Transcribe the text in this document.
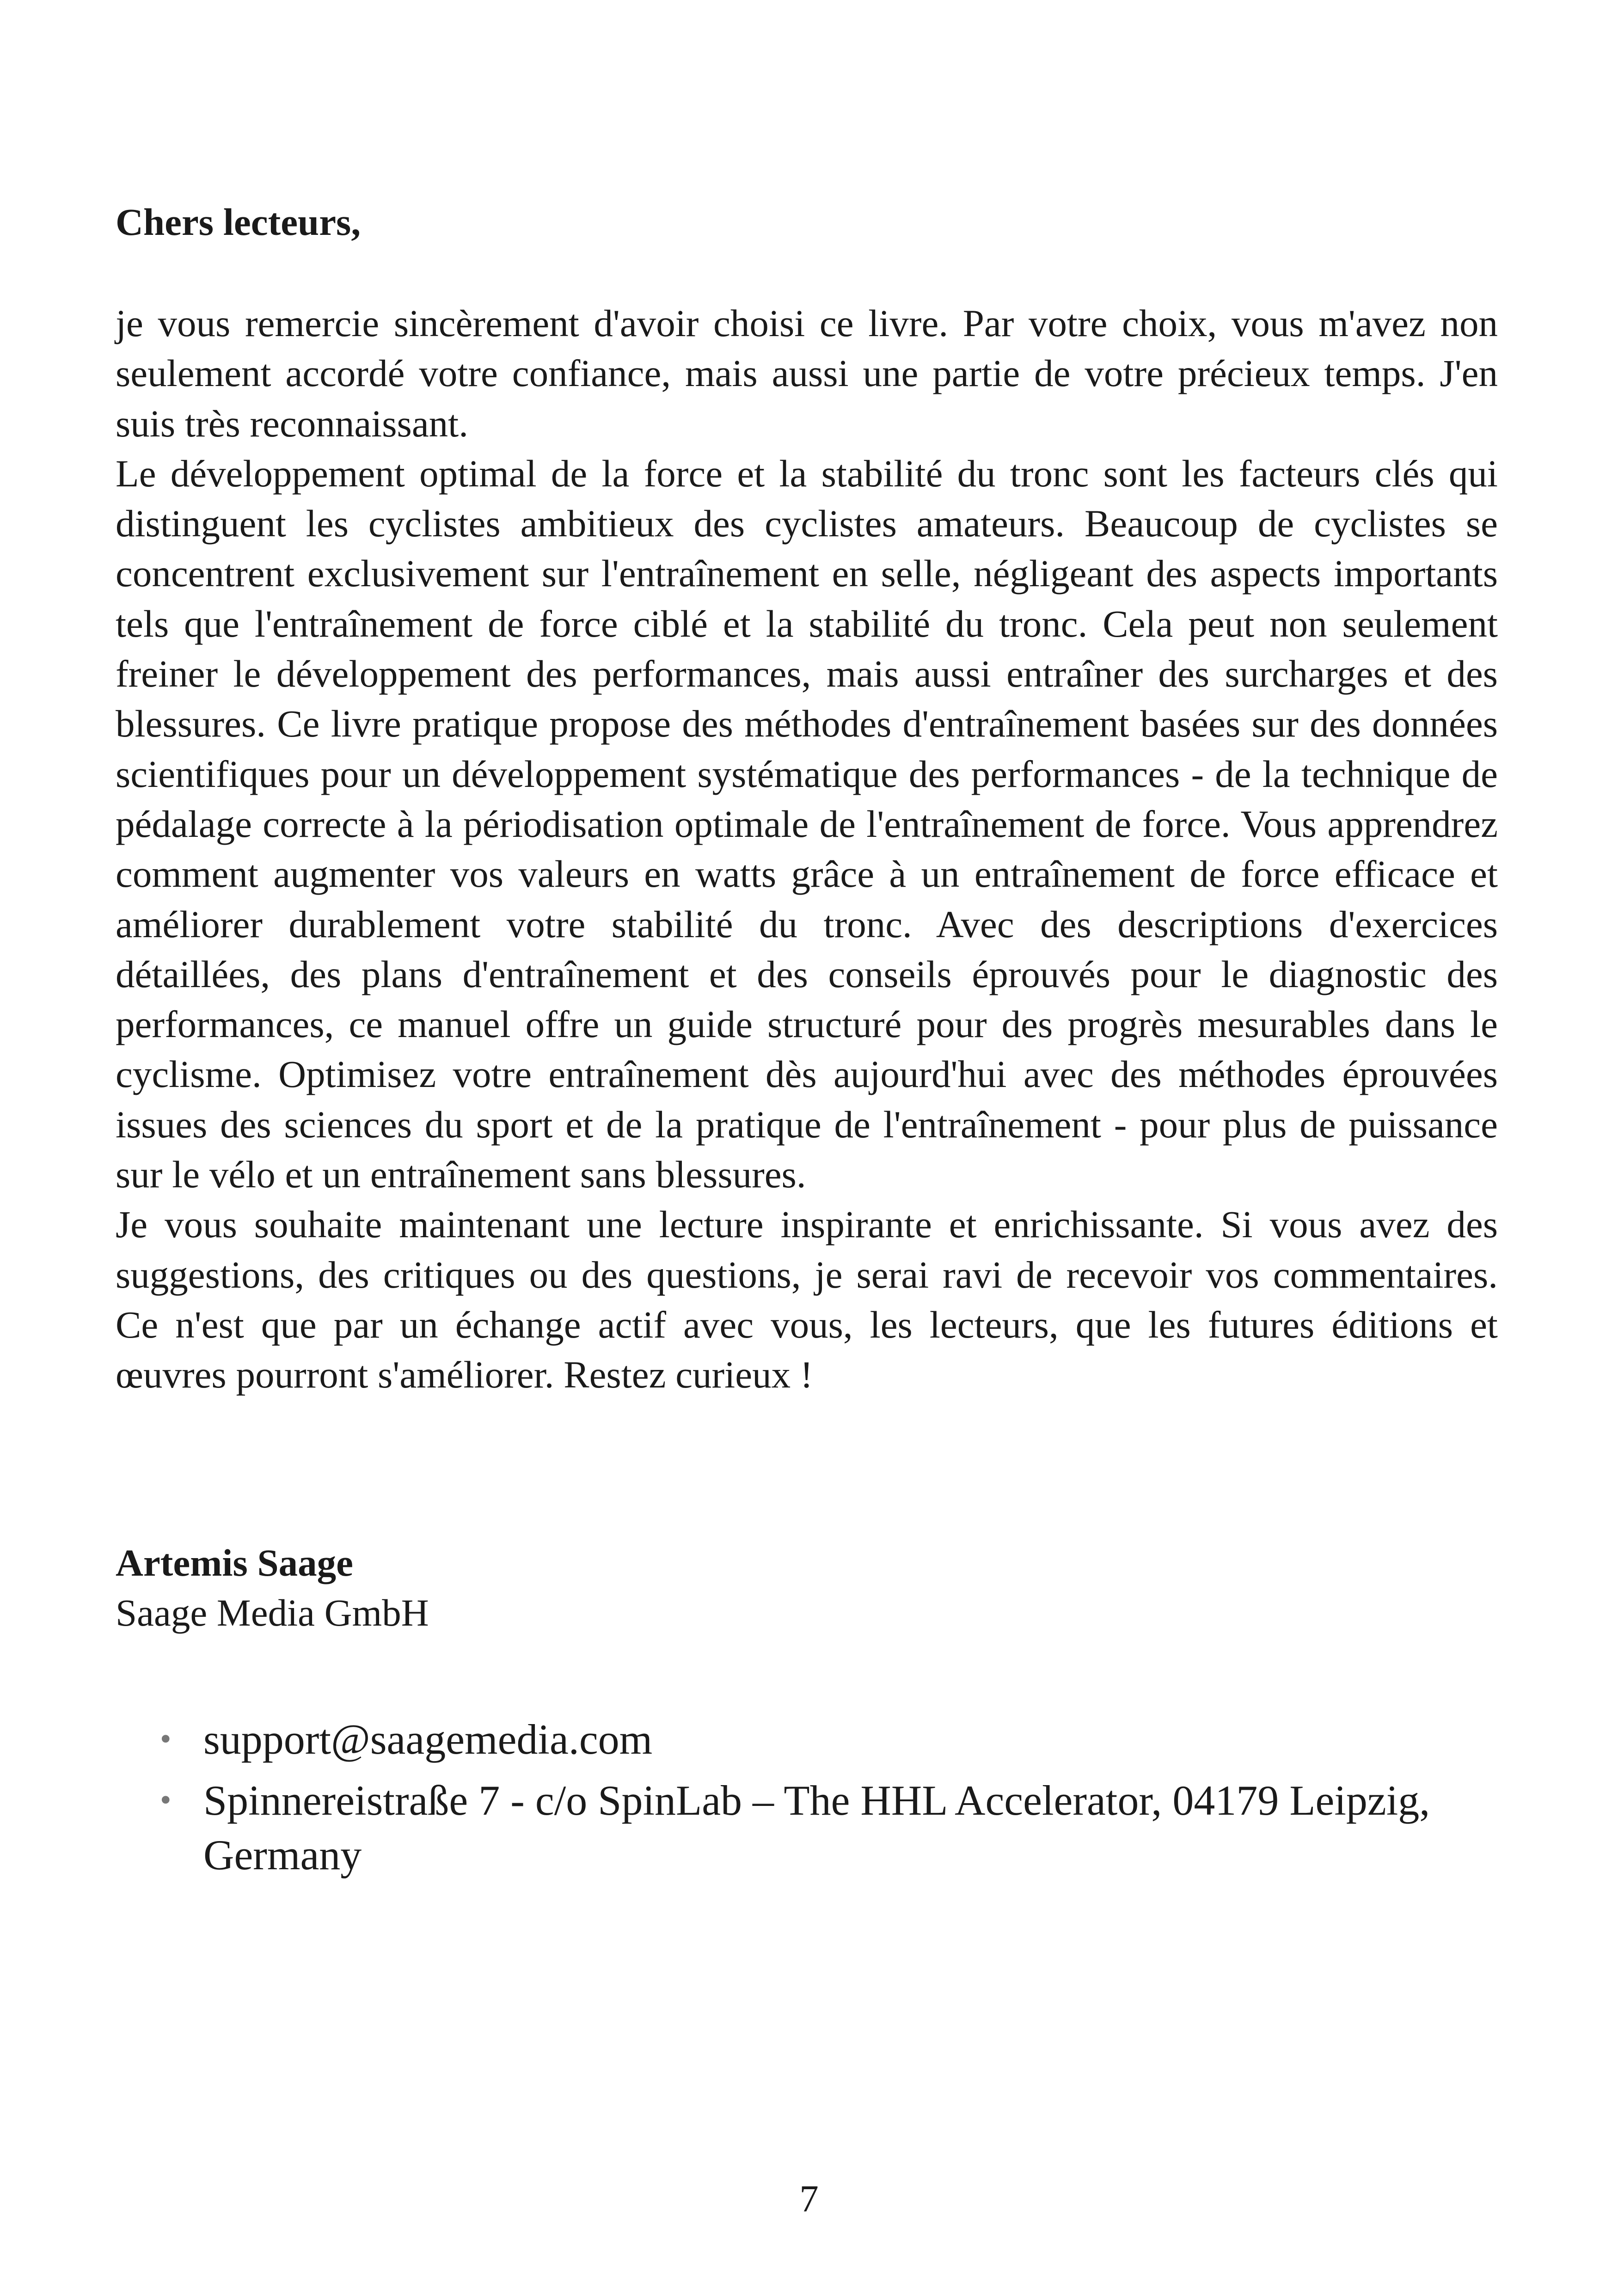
Chers lecteurs,

je vous remercie sincèrement d'avoir choisi ce livre. Par votre choix, vous m'avez non seulement accordé votre confiance, mais aussi une partie de votre précieux temps. J'en suis très reconnaissant.

Le développement optimal de la force et la stabilité du tronc sont les facteurs clés qui distinguent les cyclistes ambitieux des cyclistes amateurs. Beaucoup de cyclistes se concentrent exclusivement sur l'entraînement en selle, négligeant des aspects importants tels que l'entraînement de force ciblé et la stabilité du tronc. Cela peut non seulement freiner le développement des performances, mais aussi entraîner des surcharges et des blessures. Ce livre pratique propose des méthodes d'entraînement basées sur des données scientifiques pour un développement systématique des performances - de la technique de pédalage correcte à la périodisation optimale de l'entraînement de force. Vous apprendrez comment augmenter vos valeurs en watts grâce à un entraînement de force efficace et améliorer durablement votre stabilité du tronc. Avec des descriptions d'exercices détaillées, des plans d'entraînement et des conseils éprouvés pour le diagnostic des performances, ce manuel offre un guide structuré pour des progrès mesurables dans le cyclisme. Optimisez votre entraînement dès aujourd'hui avec des méthodes éprouvées issues des sciences du sport et de la pratique de l'entraînement - pour plus de puissance sur le vélo et un entraînement sans blessures.

Je vous souhaite maintenant une lecture inspirante et enrichissante. Si vous avez des suggestions, des critiques ou des questions, je serai ravi de recevoir vos commentaires. Ce n'est que par un échange actif avec vous, les lecteurs, que les futures éditions et œuvres pourront s'améliorer. Restez curieux !

Artemis Saage

Saage Media GmbH

• support@saagemedia.com
• Spinnereistraße 7 - c/o SpinLab – The HHL Accelerator, 04179 Leipzig, Germany

7
